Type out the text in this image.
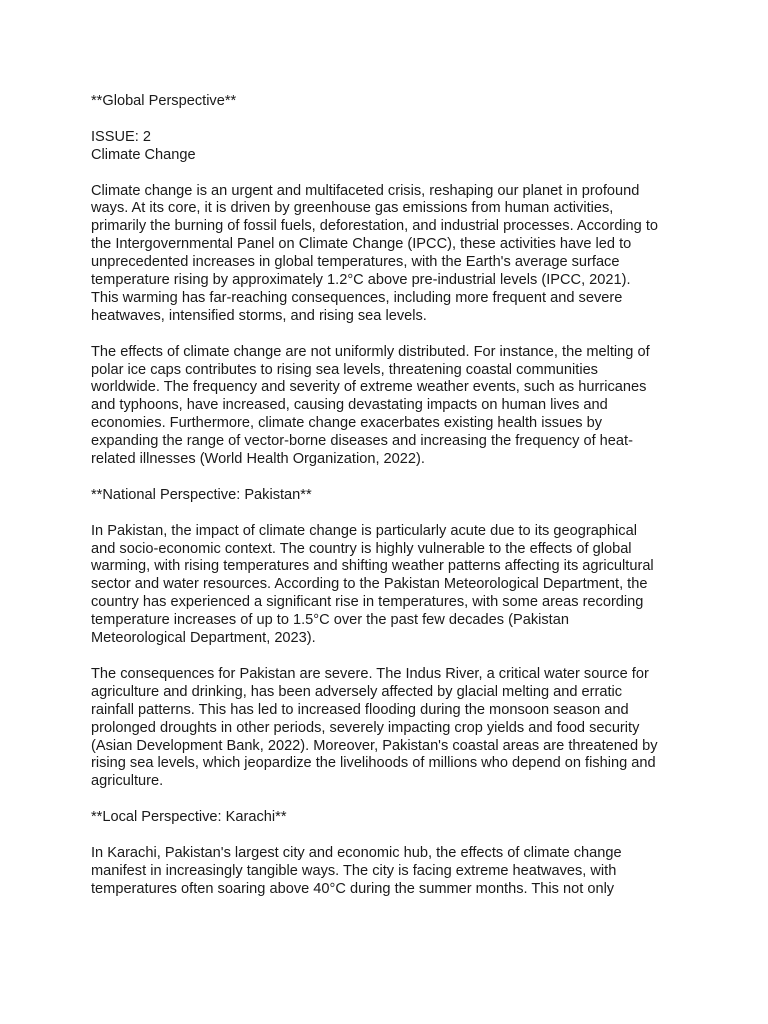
**Global Perspective**

ISSUE: 2

Climate Change

Climate change is an urgent and multifaceted crisis, reshaping our planet in profound
ways. At its core, it is driven by greenhouse gas emissions from human activities,
primarily the burning of fossil fuels, deforestation, and industrial processes. According to
the Intergovernmental Panel on Climate Change (IPCC), these activities have led to
unprecedented increases in global temperatures, with the Earth's average surface
temperature rising by approximately 1.2°C above pre-industrial levels (IPCC, 2021).
This warming has far-reaching consequences, including more frequent and severe
heatwaves, intensified storms, and rising sea levels.
The effects of climate change are not uniformly distributed. For instance, the melting of
polar ice caps contributes to rising sea levels, threatening coastal communities
worldwide. The frequency and severity of extreme weather events, such as hurricanes
and typhoons, have increased, causing devastating impacts on human lives and
economies. Furthermore, climate change exacerbates existing health issues by
expanding the range of vector-borne diseases and increasing the frequency of heat-
related illnesses (World Health Organization, 2022).

**National Perspective: Pakistan**

In Pakistan, the impact of climate change is particularly acute due to its geographical
and socio-economic context. The country is highly vulnerable to the effects of global
warming, with rising temperatures and shifting weather patterns affecting its agricultural
sector and water resources. According to the Pakistan Meteorological Department, the
country has experienced a significant rise in temperatures, with some areas recording
temperature increases of up to 1.5°C over the past few decades (Pakistan
Meteorological Department, 2023).
The consequences for Pakistan are severe. The Indus River, a critical water source for
agriculture and drinking, has been adversely affected by glacial melting and erratic
rainfall patterns. This has led to increased flooding during the monsoon season and
prolonged droughts in other periods, severely impacting crop yields and food security
(Asian Development Bank, 2022). Moreover, Pakistan's coastal areas are threatened by
rising sea levels, which jeopardize the livelihoods of millions who depend on fishing and
agriculture.

**Local Perspective: Karachi**

In Karachi, Pakistan's largest city and economic hub, the effects of climate change
manifest in increasingly tangible ways. The city is facing extreme heatwaves, with
temperatures often soaring above 40°C during the summer months. This not only
